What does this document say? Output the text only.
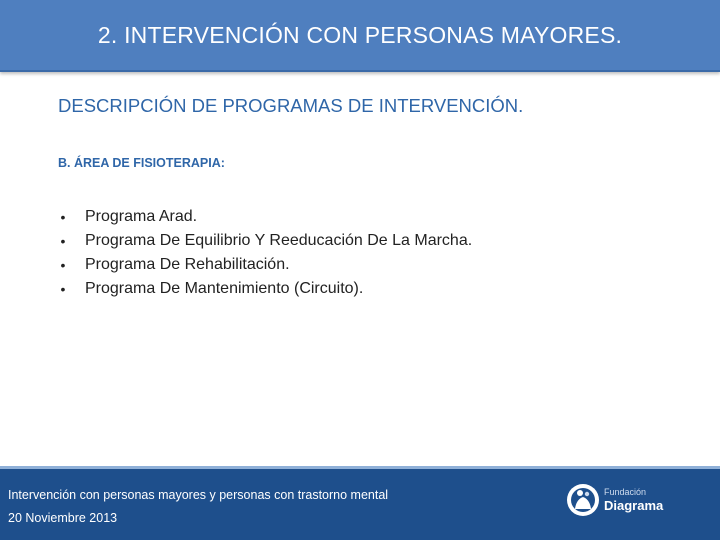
2. INTERVENCIÓN CON PERSONAS MAYORES.
DESCRIPCIÓN DE PROGRAMAS DE INTERVENCIÓN.
B. ÁREA DE FISIOTERAPIA:
• Programa Arad.
• Programa De Equilibrio Y Reeducación De La Marcha.
• Programa De Rehabilitación.
• Programa De Mantenimiento (Circuito).
Intervención con personas mayores y personas con trastorno mental
20 Noviembre 2013
Fundación
Diagrama
